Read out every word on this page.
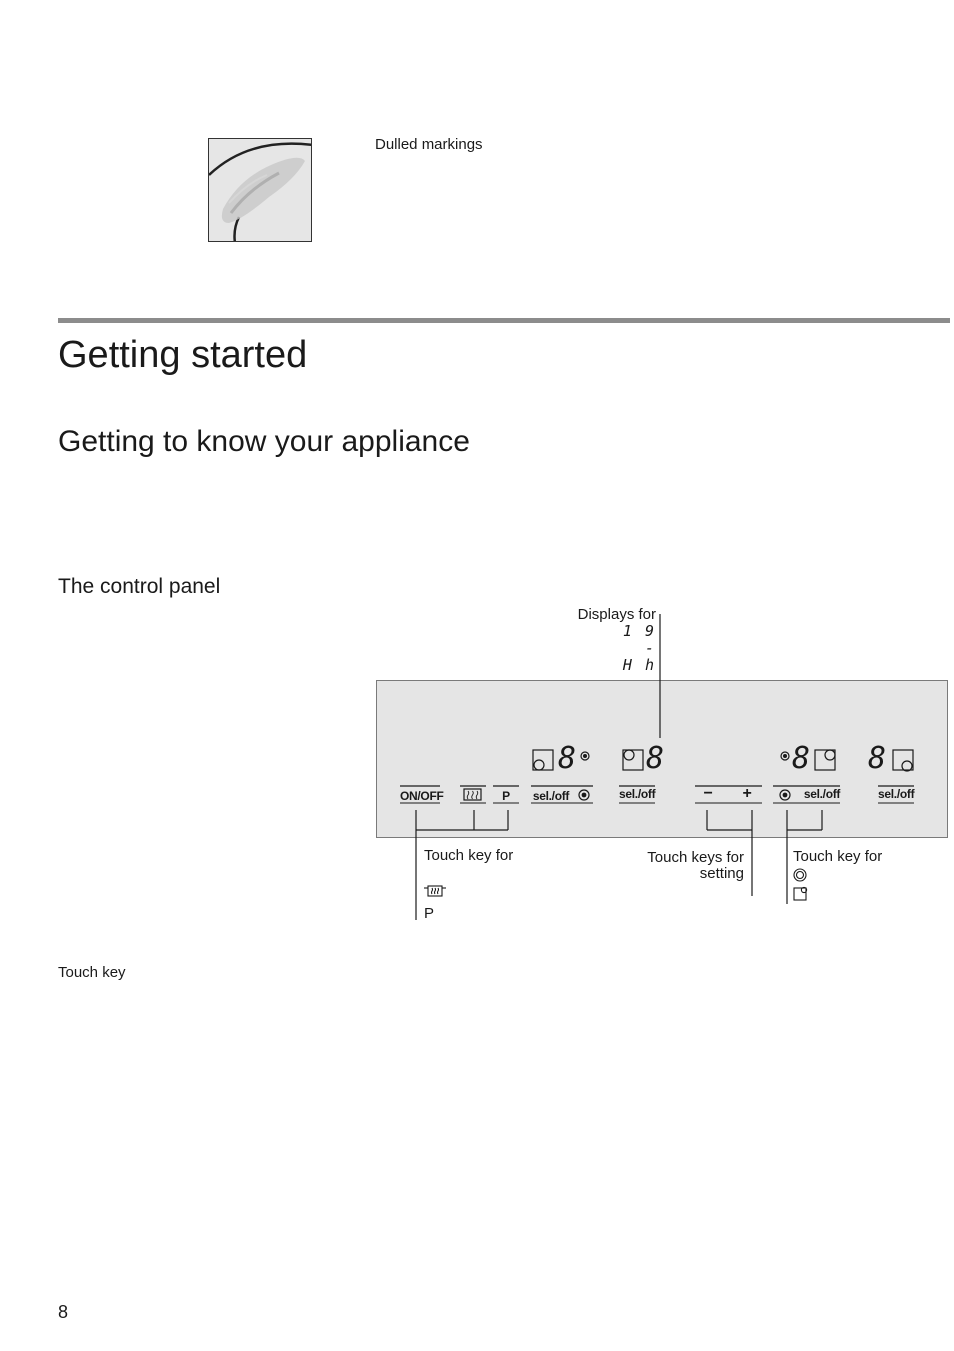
Dulled markings
Getting started
Getting to know your appliance
The control panel
Displays for
1 9
-
H h
8 8	8 8
ON/OFF	P	sel./off	sel./off	−	+	sel./off	sel./off
Touch key for
P
Touch keys for
setting
Touch key for
Touch key
8
